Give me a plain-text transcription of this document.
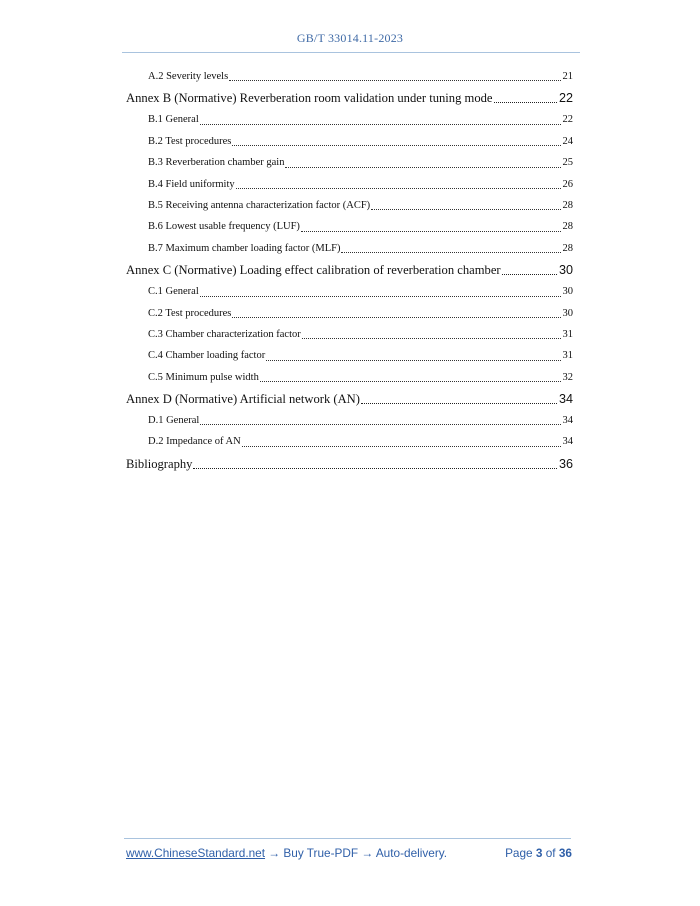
GB/T 33014.11-2023
A.2 Severity levels	21
Annex B (Normative) Reverberation room validation under tuning mode	22
B.1 General	22
B.2 Test procedures	24
B.3 Reverberation chamber gain	25
B.4 Field uniformity	26
B.5 Receiving antenna characterization factor (ACF)	28
B.6 Lowest usable frequency (LUF)	28
B.7 Maximum chamber loading factor (MLF)	28
Annex C (Normative) Loading effect calibration of reverberation chamber	30
C.1 General	30
C.2 Test procedures	30
C.3 Chamber characterization factor	31
C.4 Chamber loading factor	31
C.5 Minimum pulse width	32
Annex D (Normative) Artificial network (AN)	34
D.1 General	34
D.2 Impedance of AN	34
Bibliography	36
www.ChineseStandard.net → Buy True-PDF → Auto-delivery.	Page 3 of 36
